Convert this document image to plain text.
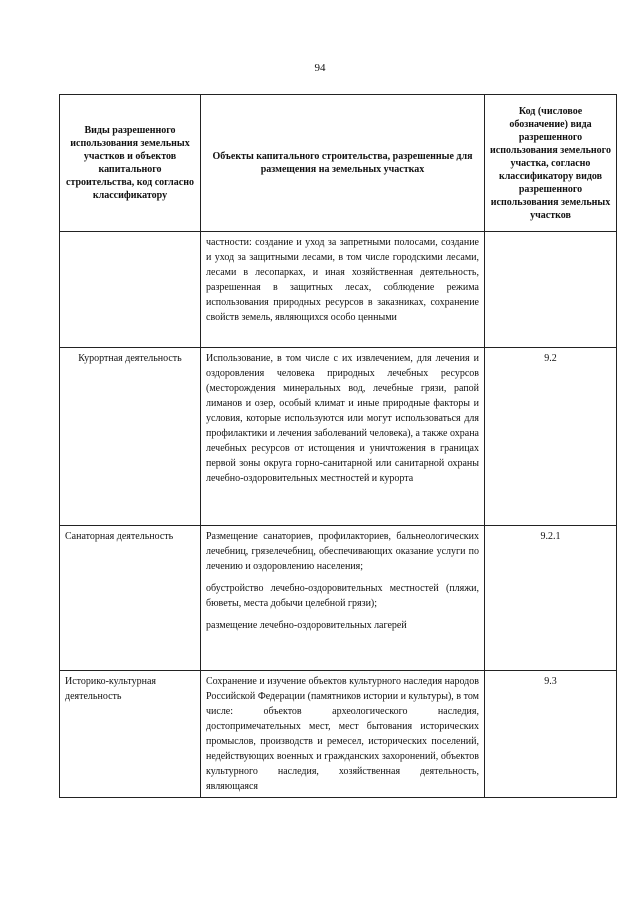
94
Виды разрешенного использования земельных участков и объектов капитального строительства, код согласно классификатору	Объекты капитального строительства, разрешенные для размещения на земельных участках	Код (числовое обозначение) вида разрешенного использования земельного участка, согласно классификатору видов разрешенного использования земельных участков

	частности: создание и уход за запретными полосами, создание и уход за защитными лесами, в том числе городскими лесами, лесами в лесопарках, и иная хозяйственная деятельность, разрешенная в защитных лесах, соблюдение режима использования природных ресурсов в заказниках, сохранение свойств земель, являющихся особо ценными	

Курортная деятельность	Использование, в том числе с их извлечением, для лечения и оздоровления человека природных лечебных ресурсов (месторождения минеральных вод, лечебные грязи, рапой лиманов и озер, особый климат и иные природные факторы и условия, которые используются или могут использоваться для профилактики и лечения заболеваний человека), а также охрана лечебных ресурсов от истощения и уничтожения в границах первой зоны округа горно-санитарной или санитарной охраны лечебно-оздоровительных местностей и курорта	9.2
Санаторная деятельность	Размещение санаториев, профилакториев, бальнеологических лечебниц, грязелечебниц, обеспечивающих оказание услуги по лечению и оздоровлению населения;

обустройство лечебно-оздоровительных местностей (пляжи, бюветы, места добычи целебной грязи);

размещение лечебно-оздоровительных лагерей	9.2.1
Историко-культурная деятельность	Сохранение и изучение объектов культурного наследия народов Российской Федерации (памятников истории и культуры), в том числе: объектов археологического наследия, достопримечательных мест, мест бытования исторических промыслов, производств и ремесел, исторических поселений, недействующих военных и гражданских захоронений, объектов культурного наследия, хозяйственная деятельность, являющаяся	9.3
